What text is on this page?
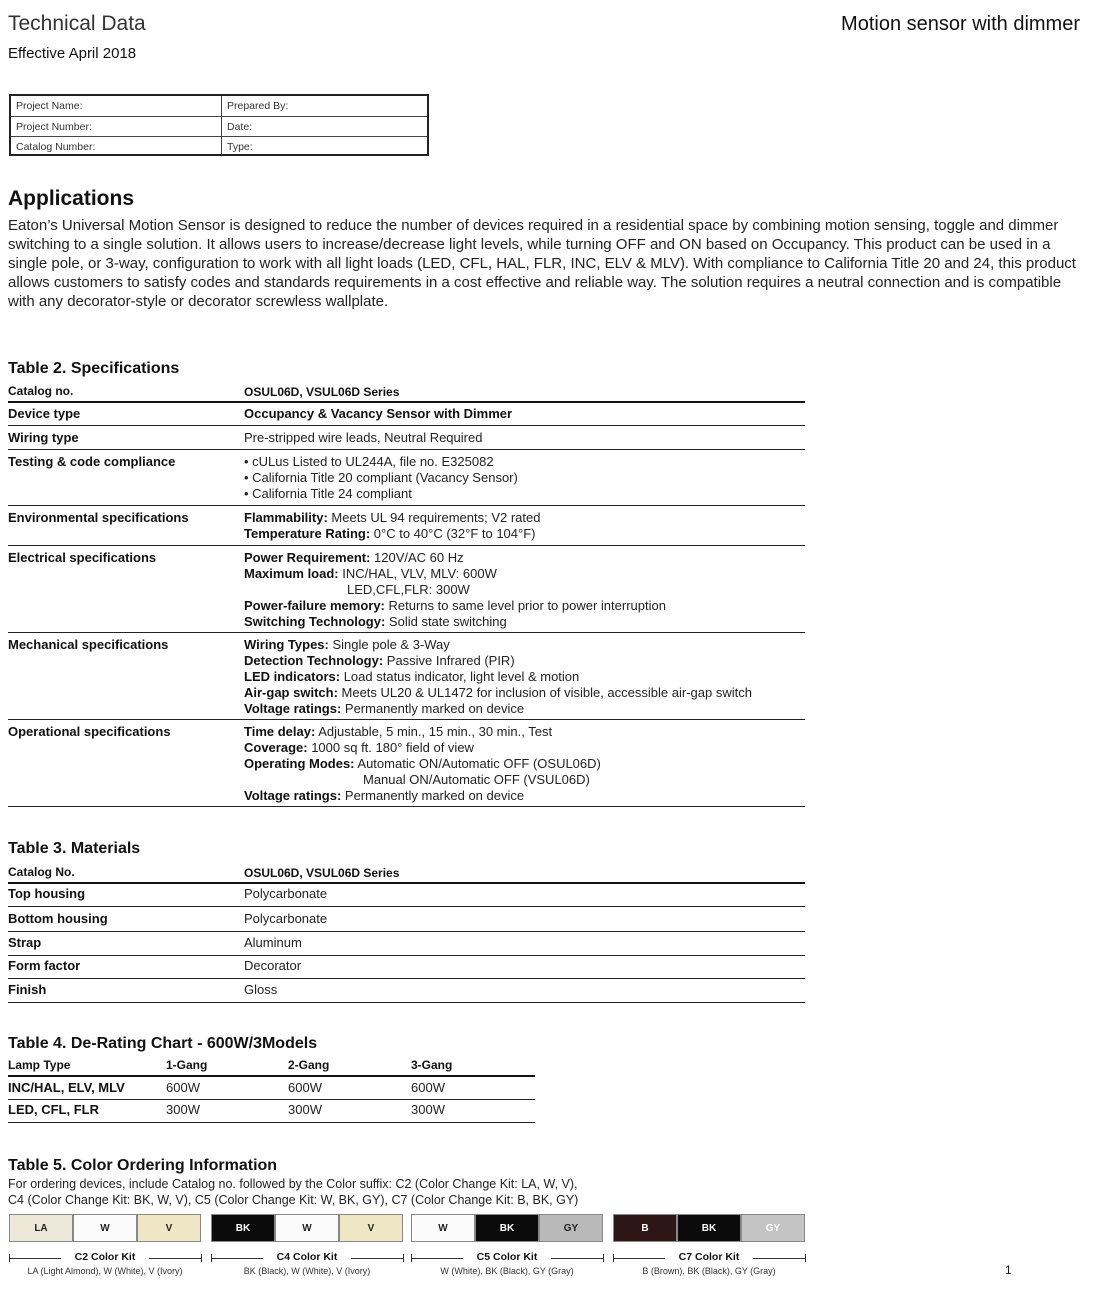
Technical Data
Effective April 2018
Motion sensor with dimmer
Project Name:	Prepared By:
Project Number:	Date:
Catalog Number:	Type:
Applications

Eaton’s Universal Motion Sensor is designed to reduce the number of devices required in a residential space by combining motion sensing, toggle and dimmer switching to a single solution. It allows users to increase/decrease light levels, while turning OFF and ON based on Occupancy. This product can be used in a single pole, or 3-way, configuration to work with all light loads (LED, CFL, HAL, FLR, INC, ELV & MLV). With compliance to California Title 20 and 24, this product allows customers to satisfy codes and standards requirements in a cost effective and reliable way. The solution requires a neutral connection and is compatible with any decorator-style or decorator screwless wallplate.

Table 2. Specifications
Catalog no.	OSUL06D, VSUL06D Series
Device type	Occupancy & Vacancy Sensor with Dimmer
Wiring type	Pre-stripped wire leads, Neutral Required
Testing & code compliance
•	cULus Listed to UL244A, file no. E325082
• California Title 20 compliant (Vacancy Sensor)
• California Title 24 compliant
Environmental specifications	Flammability: Meets UL 94 requirements; V2 rated
Temperature Rating: 0°C to 40°C (32°F to 104°F)
Electrical specifications	Power Requirement: 120V/AC 60 Hz
Maximum load: INC/HAL, VLV, MLV: 600W
LED,CFL,FLR: 300W
Power-failure memory: Returns to same level prior to power interruption
Switching Technology: Solid state switching
Mechanical specifications	Wiring Types: Single pole & 3-Way
Detection Technology: Passive Infrared (PIR)
LED indicators: Load status indicator, light level & motion
Air-gap switch: Meets UL20 & UL1472 for inclusion of visible, accessible air-gap switch
Voltage ratings: Permanently marked on device
Operational specifications	Time delay: Adjustable, 5 min., 15 min., 30 min., Test
Coverage: 1000 sq ft. 180° field of view
Operating Modes: Automatic ON/Automatic OFF (OSUL06D)
Manual ON/Automatic OFF (VSUL06D)
Voltage ratings: Permanently marked on device
Table 3. Materials
Catalog No.	OSUL06D, VSUL06D Series
Top housing	Polycarbonate
Bottom housing	Polycarbonate
Strap	Aluminum
Form factor	Decorator
Finish	Gloss
Table 4. De-Rating Chart - 600W/3Models
Lamp Type	1-Gang	2-Gang	3-Gang
INC/HAL, ELV, MLV	600W	600W	600W
LED, CFL, FLR	300W	300W	300W
Table 5. Color Ordering Information
For ordering devices, include Catalog no. followed by the Color suffix: C2 (Color Change Kit: LA, W, V),
C4 (Color Change Kit: BK, W, V), C5 (Color Change Kit: W, BK, GY), C7 (Color Change Kit: B, BK, GY)
LA	W	V
C2 Color Kit
LA (Light Almond), W (White), V (Ivory)
BK	W	V
C4 Color Kit
BK (Black), W (White), V (Ivory)
W	BK	GY
C5 Color Kit
W (White), BK (Black), GY (Gray)
B	BK	GY
C7 Color Kit
B (Brown), BK (Black), GY (Gray)	1
